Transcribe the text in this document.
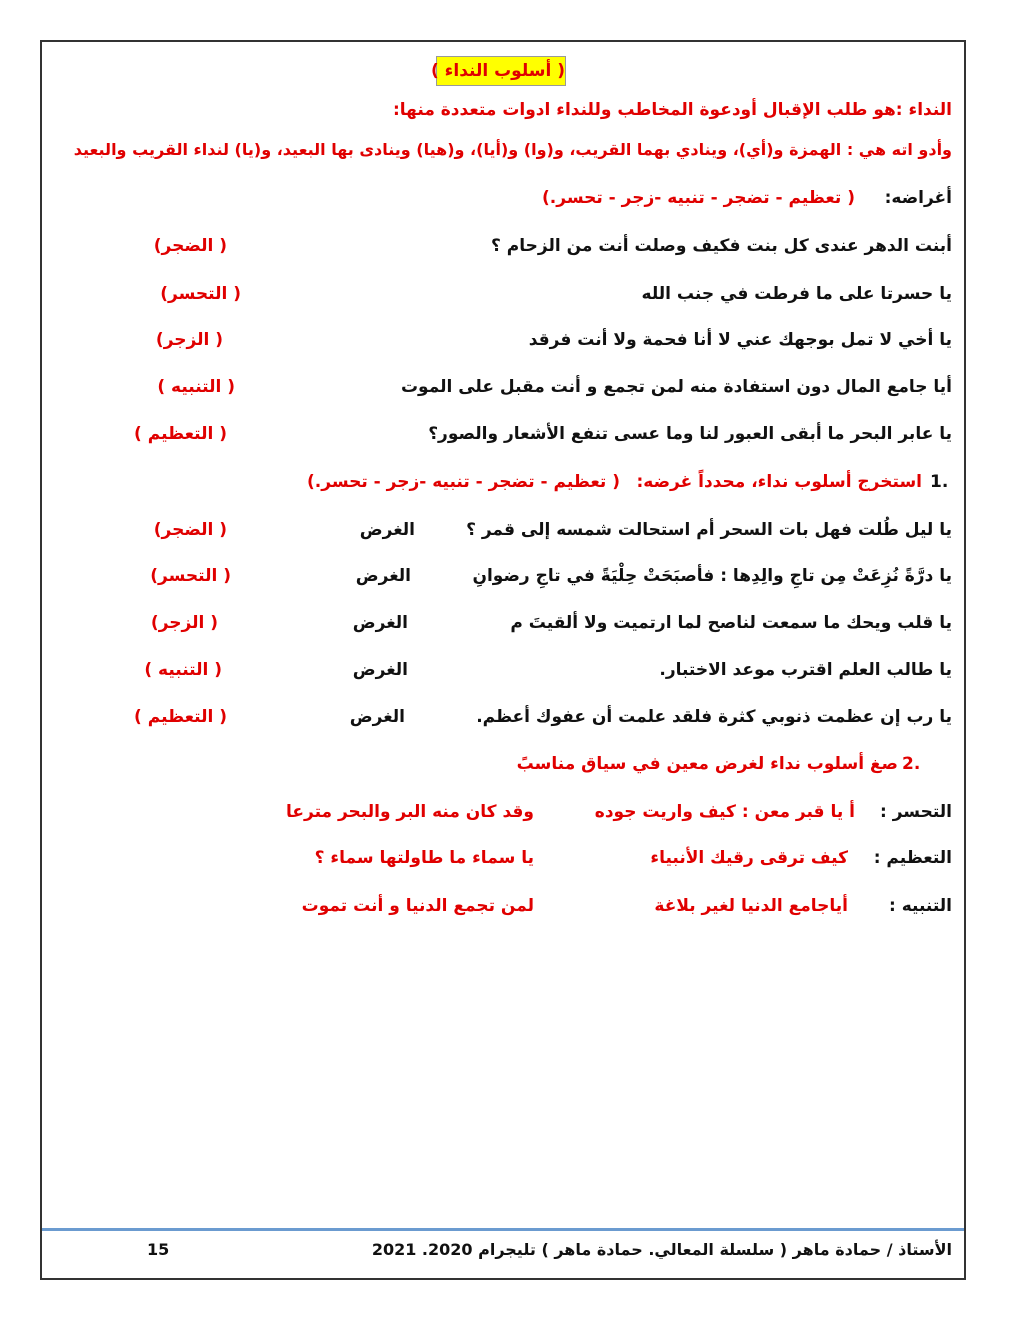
( أسلوب النداء )
النداء :هو طلب الإقبال أودعوة المخاطب وللنداء ادوات متعددة منها:
وأدو اته هي : الهمزة و(أي)، وينادي بهما القريب، و(وا) و(أيا)، و(هيا) وينادى بها البعيد، و(يا) لنداء القريب والبعيد
أغراضه:
( تعظيم - تضجر - تنبيه -زجر - تحسر.)
أبنت الدهر عندى كل بنت فكيف وصلت أنت من الزحام ؟
( الضجر)
يا حسرتا على ما فرطت في جنب الله
( التحسر)
يا أخي لا تمل بوجهك عني لا أنا فحمة ولا أنت فرقد
( الزجر)
أيا جامع المال دون استفادة منه لمن تجمع و أنت مقبل على الموت
( التنبيه )
يا عابر البحر ما أبقى العبور لنا وما عسى تنفع الأشعار والصور؟
( التعظيم )
1.
استخرج أسلوب نداء، محدداً غرضه:
( تعظيم - تضجر - تنبيه -زجر - تحسر.)
يا ليل طُلت فهل بات السحر أم استحالت شمسه إلى قمر ؟
الغرض
( الضجر)
يا درَّةً نُزِعَتْ مِن تاجِ والِدِها : فأصبَحَتْ حِلْيَةً في تاجِ رضوانِ
الغرض
( التحسر)
يا قلب ويحك ما سمعت لناصح لما ارتميت ولا ألقيتَ م
الغرض
( الزجر)
يا طالب العلم اقترب موعد الاختبار.
الغرض
( التنبيه )
يا رب إن عظمت ذنوبي كثرة فلقد علمت أن عفوك أعظم.
الغرض
( التعظيم )
2.
صغ أسلوب نداء لغرض معين في سياق مناسبً
التحسر :
أ يا قبر معن : كيف واريت جوده
وقد كان منه البر والبحر مترعا
التعظيم :
كيف ترقى رقيك الأنبياء
يا سماء ما طاولتها سماء ؟
التنبيه :
أياجامع الدنيا لغير بلاغة
لمن تجمع الدنيا و أنت تموت
الأستاذ / حمادة ماهر ( سلسلة المعالي. حمادة ماهر ) تليجرام 2020. 2021
15
